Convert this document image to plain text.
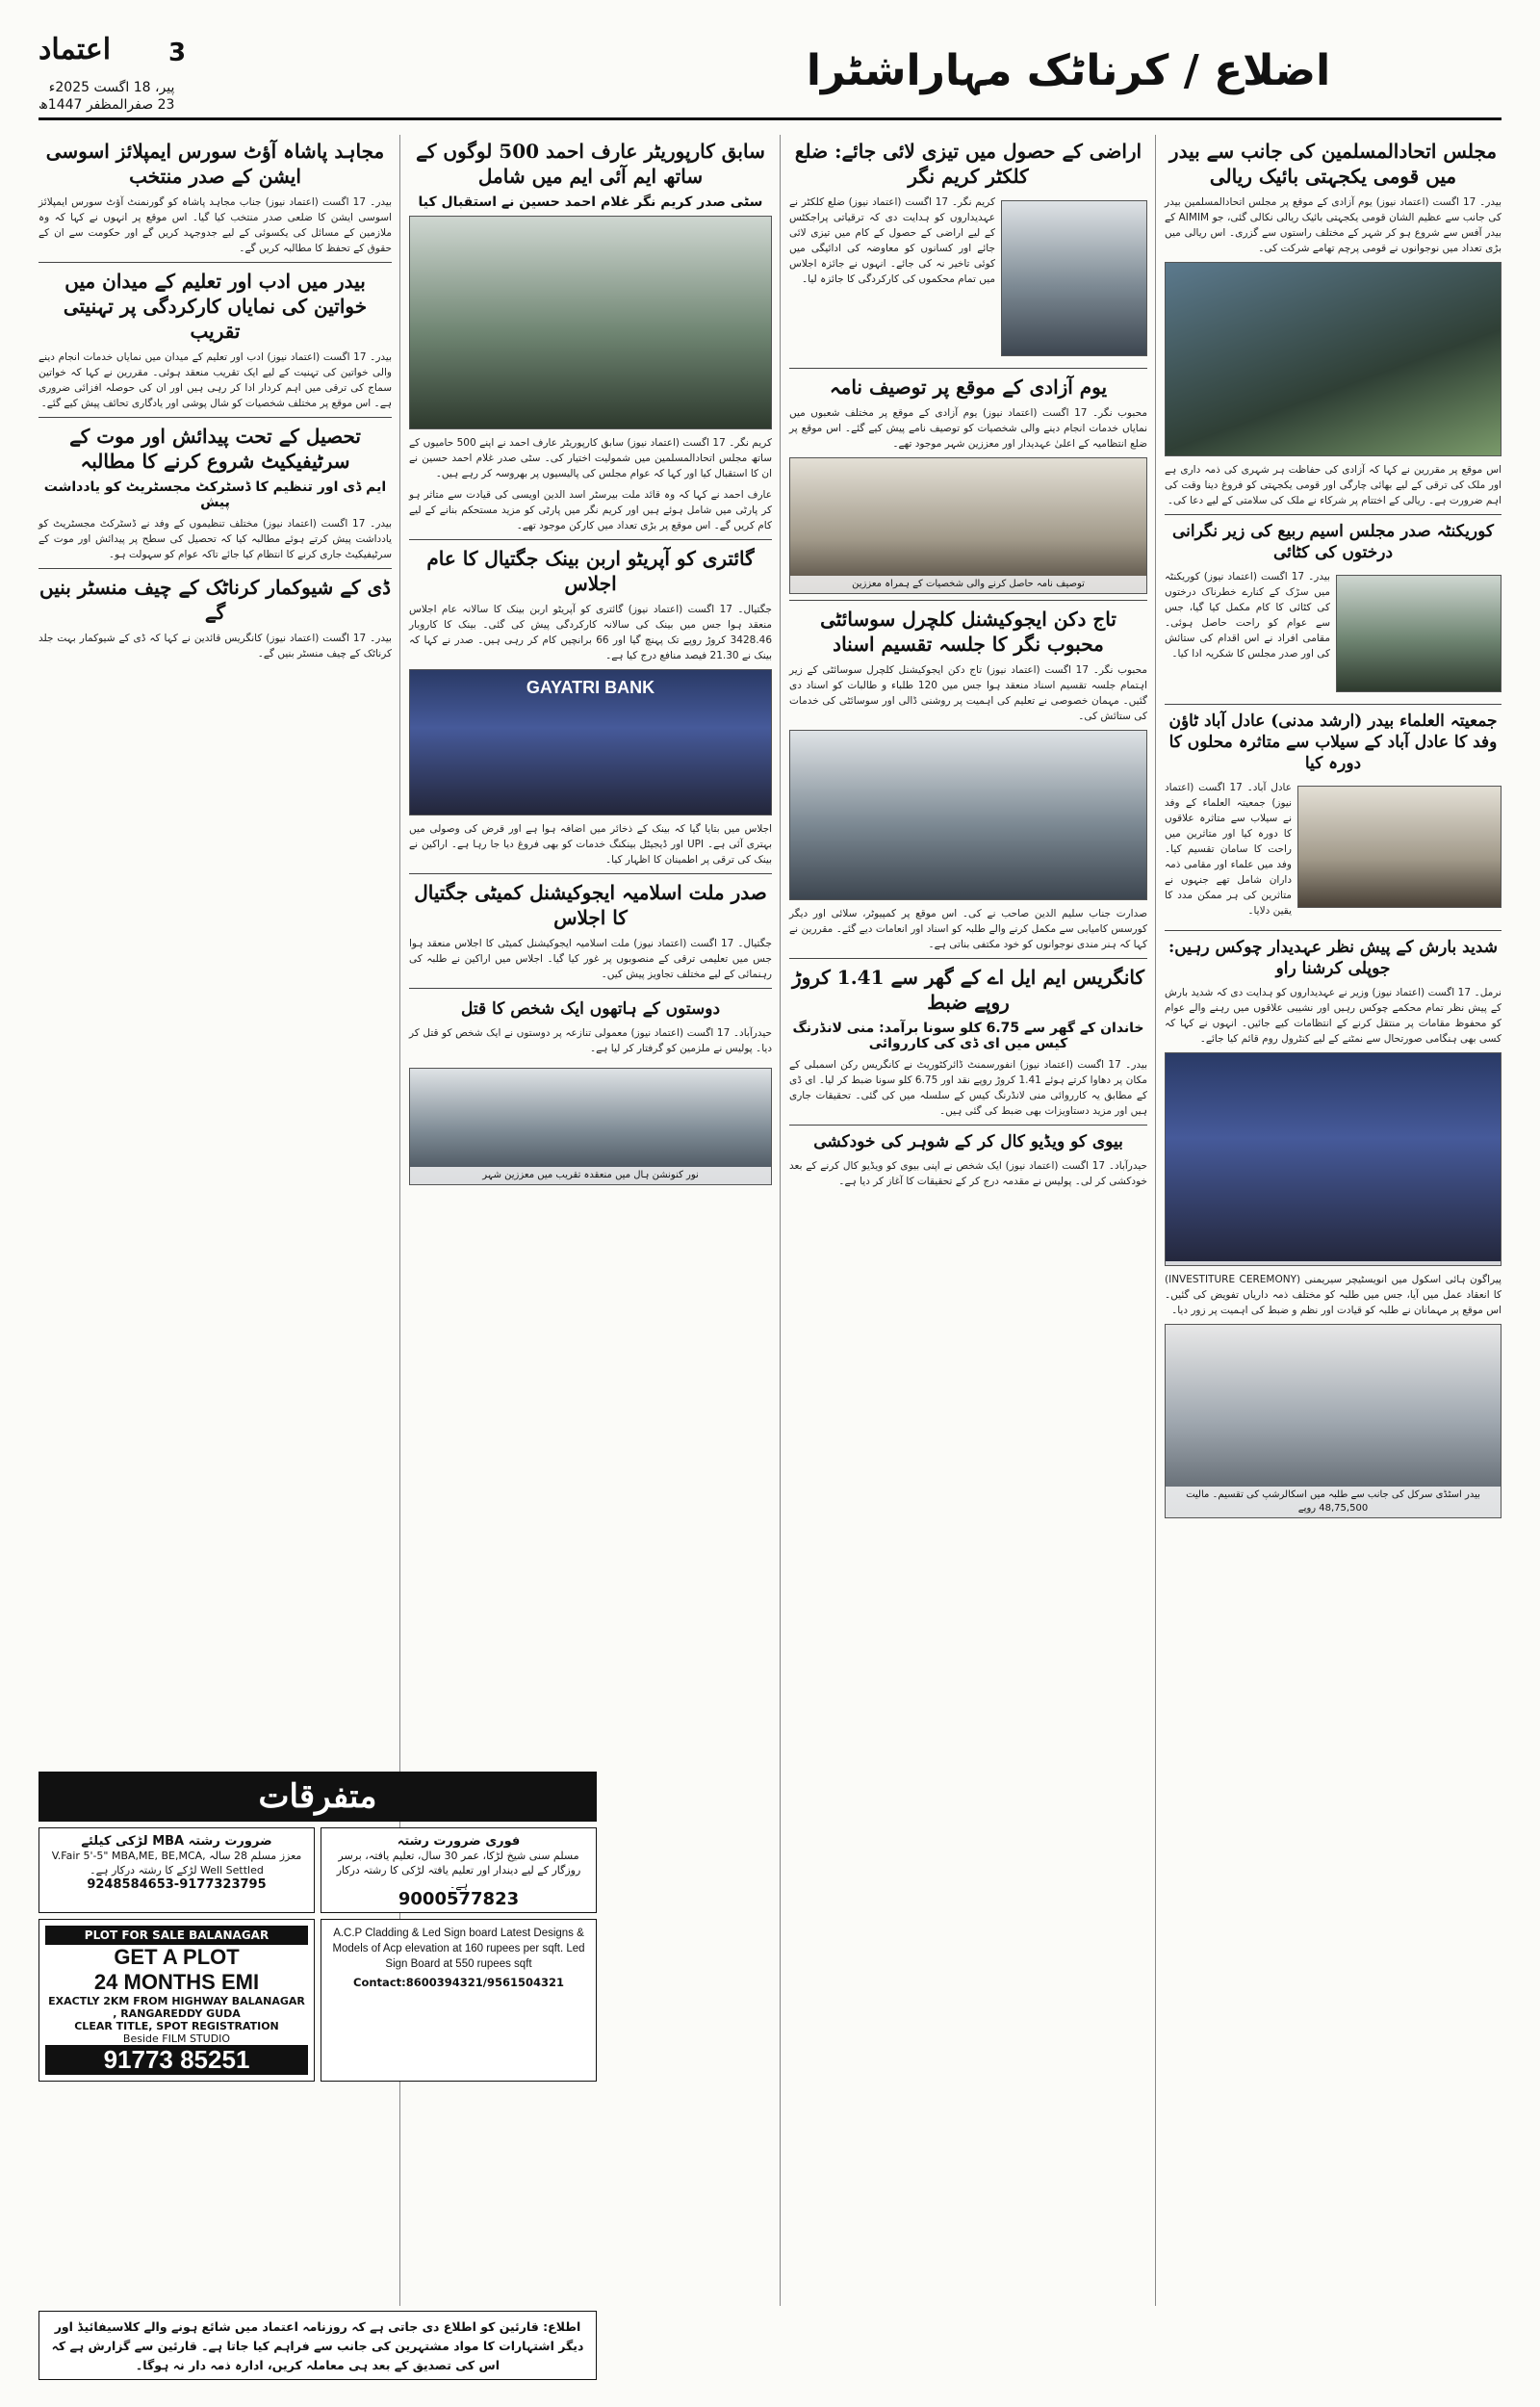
اعتماد 3
پیر، 18 اگست 2025ء
23 صفرالمظفر 1447ھ
اضلاع / کرناٹک مہاراشٹرا
مجلس اتحادالمسلمین کی جانب سے بیدر میں قومی یکجہتی بائیک ریالی

بیدر۔ 17 اگست (اعتماد نیوز) یوم آزادی کے موقع پر مجلس اتحادالمسلمین بیدر کی جانب سے عظیم الشان قومی یکجہتی بائیک ریالی نکالی گئی، جو AIMIM کے بیدر آفس سے شروع ہو کر شہر کے مختلف راستوں سے گزری۔ اس ریالی میں بڑی تعداد میں نوجوانوں نے قومی پرچم تھامے شرکت کی۔

اس موقع پر مقررین نے کہا کہ آزادی کی حفاظت ہر شہری کی ذمہ داری ہے اور ملک کی ترقی کے لیے بھائی چارگی اور قومی یکجہتی کو فروغ دینا وقت کی اہم ضرورت ہے۔ ریالی کے اختتام پر شرکاء نے ملک کی سلامتی کے لیے دعا کی۔

کوریکنٹہ صدر مجلس اسیم ربیع کی زیر نگرانی درختوں کی کٹائی

بیدر۔ 17 اگست (اعتماد نیوز) کوریکنٹہ میں سڑک کے کنارے خطرناک درختوں کی کٹائی کا کام مکمل کیا گیا، جس سے عوام کو راحت حاصل ہوئی۔ مقامی افراد نے اس اقدام کی ستائش کی اور صدر مجلس کا شکریہ ادا کیا۔

جمعیتہ العلماء بیدر (ارشد مدنی) عادل آباد ٹاؤن وفد کا عادل آباد کے سیلاب سے متاثرہ محلوں کا دورہ کیا

عادل آباد۔ 17 اگست (اعتماد نیوز) جمعیتہ العلماء کے وفد نے سیلاب سے متاثرہ علاقوں کا دورہ کیا اور متاثرین میں راحت کا سامان تقسیم کیا۔ وفد میں علماء اور مقامی ذمہ داران شامل تھے جنہوں نے متاثرین کی ہر ممکن مدد کا یقین دلایا۔

شدید بارش کے پیش نظر عہدیدار چوکس رہیں: جوپلی کرشنا راو

نرمل۔ 17 اگست (اعتماد نیوز) وزیر نے عہدیداروں کو ہدایت دی کہ شدید بارش کے پیش نظر تمام محکمے چوکس رہیں اور نشیبی علاقوں میں رہنے والے عوام کو محفوظ مقامات پر منتقل کرنے کے انتظامات کیے جائیں۔ انہوں نے کہا کہ کسی بھی ہنگامی صورتحال سے نمٹنے کے لیے کنٹرول روم قائم کیا جائے۔

پیراگون ہائی اسکول میں انویسٹیچر سیریمنی (INVESTITURE CEREMONY) کا انعقاد عمل میں آیا، جس میں طلبہ کو مختلف ذمہ داریاں تفویض کی گئیں۔ اس موقع پر مہمانان نے طلبہ کو قیادت اور نظم و ضبط کی اہمیت پر زور دیا۔

بیدر اسٹڈی سرکل کی جانب سے طلبہ میں اسکالرشپ کی تقسیم۔ مالیت 48,75,500 روپے
اراضی کے حصول میں تیزی لائی جائے: ضلع کلکٹر کریم نگر

کریم نگر۔ 17 اگست (اعتماد نیوز) ضلع کلکٹر نے عہدیداروں کو ہدایت دی کہ ترقیاتی پراجکٹس کے لیے اراضی کے حصول کے کام میں تیزی لائی جائے اور کسانوں کو معاوضہ کی ادائیگی میں کوئی تاخیر نہ کی جائے۔ انہوں نے جائزہ اجلاس میں تمام محکموں کی کارکردگی کا جائزہ لیا۔

یوم آزادی کے موقع پر توصیف نامہ

محبوب نگر۔ 17 اگست (اعتماد نیوز) یوم آزادی کے موقع پر مختلف شعبوں میں نمایاں خدمات انجام دینے والی شخصیات کو توصیف نامے پیش کیے گئے۔ اس موقع پر ضلع انتظامیہ کے اعلیٰ عہدیدار اور معززین شہر موجود تھے۔

توصیف نامہ حاصل کرنے والی شخصیات کے ہمراہ معززین
تاج دکن ایجوکیشنل کلچرل سوسائٹی محبوب نگر کا جلسہ تقسیم اسناد

محبوب نگر۔ 17 اگست (اعتماد نیوز) تاج دکن ایجوکیشنل کلچرل سوسائٹی کے زیر اہتمام جلسہ تقسیم اسناد منعقد ہوا جس میں 120 طلباء و طالبات کو اسناد دی گئیں۔ مہمان خصوصی نے تعلیم کی اہمیت پر روشنی ڈالی اور سوسائٹی کی خدمات کی ستائش کی۔

صدارت جناب سلیم الدین صاحب نے کی۔ اس موقع پر کمپیوٹر، سلائی اور دیگر کورسس کامیابی سے مکمل کرنے والے طلبہ کو اسناد اور انعامات دیے گئے۔ مقررین نے کہا کہ ہنر مندی نوجوانوں کو خود مکتفی بناتی ہے۔

کانگریس ایم ایل اے کے گھر سے 1.41 کروڑ روپے ضبط
خاندان کے گھر سے 6.75 کلو سونا برآمد: منی لانڈرنگ کیس میں ای ڈی کی کارروائی

بیدر۔ 17 اگست (اعتماد نیوز) انفورسمنٹ ڈائرکٹوریٹ نے کانگریس رکن اسمبلی کے مکان پر دھاوا کرتے ہوئے 1.41 کروڑ روپے نقد اور 6.75 کلو سونا ضبط کر لیا۔ ای ڈی کے مطابق یہ کارروائی منی لانڈرنگ کیس کے سلسلہ میں کی گئی۔ تحقیقات جاری ہیں اور مزید دستاویزات بھی ضبط کی گئی ہیں۔

بیوی کو ویڈیو کال کر کے شوہر کی خودکشی

حیدرآباد۔ 17 اگست (اعتماد نیوز) ایک شخص نے اپنی بیوی کو ویڈیو کال کرنے کے بعد خودکشی کر لی۔ پولیس نے مقدمہ درج کر کے تحقیقات کا آغاز کر دیا ہے۔

سابق کارپوریٹر عارف احمد 500 لوگوں کے ساتھ ایم آئی ایم میں شامل
سٹی صدر کریم نگر غلام احمد حسین نے استقبال کیا

کریم نگر۔ 17 اگست (اعتماد نیوز) سابق کارپوریٹر عارف احمد نے اپنے 500 حامیوں کے ساتھ مجلس اتحادالمسلمین میں شمولیت اختیار کی۔ سٹی صدر غلام احمد حسین نے ان کا استقبال کیا اور کہا کہ عوام مجلس کی پالیسیوں پر بھروسہ کر رہے ہیں۔

عارف احمد نے کہا کہ وہ قائد ملت بیرسٹر اسد الدین اویسی کی قیادت سے متاثر ہو کر پارٹی میں شامل ہوئے ہیں اور کریم نگر میں پارٹی کو مزید مستحکم بنانے کے لیے کام کریں گے۔ اس موقع پر بڑی تعداد میں کارکن موجود تھے۔

گائتری کو آپریٹو اربن بینک جگتیال کا عام اجلاس

جگتیال۔ 17 اگست (اعتماد نیوز) گائتری کو آپریٹو اربن بینک کا سالانہ عام اجلاس منعقد ہوا جس میں بینک کی سالانہ کارکردگی پیش کی گئی۔ بینک کا کاروبار 3428.46 کروڑ روپے تک پہنچ گیا اور 66 برانچیں کام کر رہی ہیں۔ صدر نے کہا کہ بینک نے 21.30 فیصد منافع درج کیا ہے۔

GAYATRI BANK

اجلاس میں بتایا گیا کہ بینک کے ذخائر میں اضافہ ہوا ہے اور قرض کی وصولی میں بہتری آئی ہے۔ UPI اور ڈیجیٹل بینکنگ خدمات کو بھی فروغ دیا جا رہا ہے۔ اراکین نے بینک کی ترقی پر اطمینان کا اظہار کیا۔

صدر ملت اسلامیہ ایجوکیشنل کمیٹی جگتیال کا اجلاس

جگتیال۔ 17 اگست (اعتماد نیوز) ملت اسلامیہ ایجوکیشنل کمیٹی کا اجلاس منعقد ہوا جس میں تعلیمی ترقی کے منصوبوں پر غور کیا گیا۔ اجلاس میں اراکین نے طلبہ کی رہنمائی کے لیے مختلف تجاویز پیش کیں۔

دوستوں کے ہاتھوں ایک شخص کا قتل

حیدرآباد۔ 17 اگست (اعتماد نیوز) معمولی تنازعہ پر دوستوں نے ایک شخص کو قتل کر دیا۔ پولیس نے ملزمین کو گرفتار کر لیا ہے۔

نور کنونشن ہال میں منعقدہ تقریب میں معززین شہر
مجاہد پاشاہ آؤٹ سورس ایمپلائز اسوسی ایشن کے صدر منتخب

بیدر۔ 17 اگست (اعتماد نیوز) جناب مجاہد پاشاہ کو گورنمنٹ آؤٹ سورس ایمپلائز اسوسی ایشن کا ضلعی صدر منتخب کیا گیا۔ اس موقع پر انہوں نے کہا کہ وہ ملازمین کے مسائل کی یکسوئی کے لیے جدوجہد کریں گے اور حکومت سے ان کے حقوق کے تحفظ کا مطالبہ کریں گے۔

بیدر میں ادب اور تعلیم کے میدان میں خواتین کی نمایاں کارکردگی پر تہنیتی تقریب

بیدر۔ 17 اگست (اعتماد نیوز) ادب اور تعلیم کے میدان میں نمایاں خدمات انجام دینے والی خواتین کی تہنیت کے لیے ایک تقریب منعقد ہوئی۔ مقررین نے کہا کہ خواتین سماج کی ترقی میں اہم کردار ادا کر رہی ہیں اور ان کی حوصلہ افزائی ضروری ہے۔ اس موقع پر مختلف شخصیات کو شال پوشی اور یادگاری تحائف پیش کیے گئے۔

تحصیل کے تحت پیدائش اور موت کے سرٹیفیکیٹ شروع کرنے کا مطالبہ
ایم ڈی اور تنظیم کا ڈسٹرکٹ مجسٹریٹ کو یادداشت پیش

بیدر۔ 17 اگست (اعتماد نیوز) مختلف تنظیموں کے وفد نے ڈسٹرکٹ مجسٹریٹ کو یادداشت پیش کرتے ہوئے مطالبہ کیا کہ تحصیل کی سطح پر پیدائش اور موت کے سرٹیفیکیٹ جاری کرنے کا انتظام کیا جائے تاکہ عوام کو سہولت ہو۔

ڈی کے شیوکمار کرناٹک کے چیف منسٹر بنیں گے

بیدر۔ 17 اگست (اعتماد نیوز) کانگریس قائدین نے کہا کہ ڈی کے شیوکمار بہت جلد کرناٹک کے چیف منسٹر بنیں گے۔

متفرقات
ضرورت رشتہ MBA لڑکی کیلئے
معزز مسلم 28 سالہ V.Fair 5'-5" MBA,ME, BE,MCA, Well Settled لڑکے کا رشتہ درکار ہے۔
9248584653-9177323795
فوری ضرورت رشتہ
مسلم سنی شیخ لڑکا، عمر 30 سال، تعلیم یافتہ، برسر روزگار کے لیے دیندار اور تعلیم یافتہ لڑکی کا رشتہ درکار ہے۔
9000577823
PLOT FOR SALE BALANAGAR
GET A PLOT
24 MONTHS EMI
EXACTLY 2KM FROM HIGHWAY BALANAGAR , RANGAREDDY GUDA
CLEAR TITLE, SPOT REGISTRATION
Beside FILM STUDIO
91773 85251
A.C.P Cladding & Led Sign board Latest Designs & Models of Acp elevation at 160 rupees per sqft. Led Sign Board at 550 rupees sqft
Contact:8600394321/9561504321
اطلاع: قارئین کو اطلاع دی جاتی ہے کہ روزنامہ اعتماد میں شائع ہونے والے کلاسیفائیڈ اور دیگر اشتہارات کا مواد مشتہرین کی جانب سے فراہم کیا جاتا ہے۔ قارئین سے گزارش ہے کہ اس کی تصدیق کے بعد ہی معاملہ کریں، ادارہ ذمہ دار نہ ہوگا۔
